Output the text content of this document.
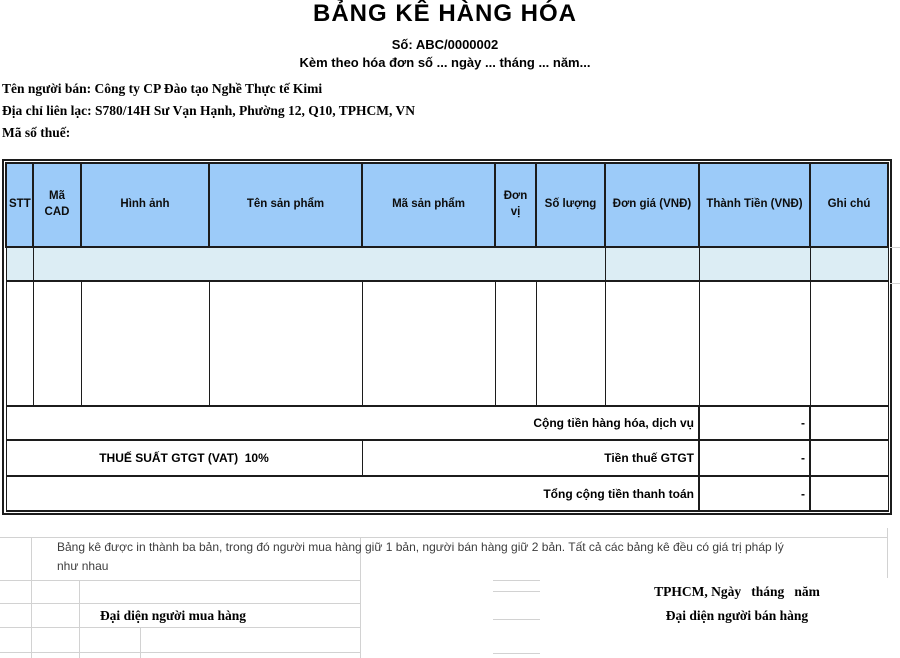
BẢNG KÊ HÀNG HÓA
Số: ABC/0000002
Kèm theo hóa đơn số ... ngày ... tháng ... năm...
Tên người bán: Công ty CP Đào tạo Nghề Thực tế Kimi
Địa chỉ liên lạc: S780/14H Sư Vạn Hạnh, Phường 12, Q10, TPHCM, VN
Mã số thuế:
STT	Mã CAD	Hình ảnh	Tên sản phẩm	Mã sản phẩm	Đơn vị	Số lượng	Đơn giá (VNĐ)	Thành Tiền (VNĐ)	Ghi chú

Cộng tiền hàng hóa, dịch vụ								-	
THUẾ SUẤT GTGT (VAT)  10%				Tiền thuế GTGT				-	
Tổng cộng tiền thanh toán								-	
Bảng kê được in thành ba bản, trong đó người mua hàng giữ 1 bản, người bán hàng giữ 2 bản. Tất cả các bảng kê đều có giá trị pháp lý như nhau
TPHCM, Ngày   tháng   năm
Đại diện người mua hàng	Đại diện người bán hàng
